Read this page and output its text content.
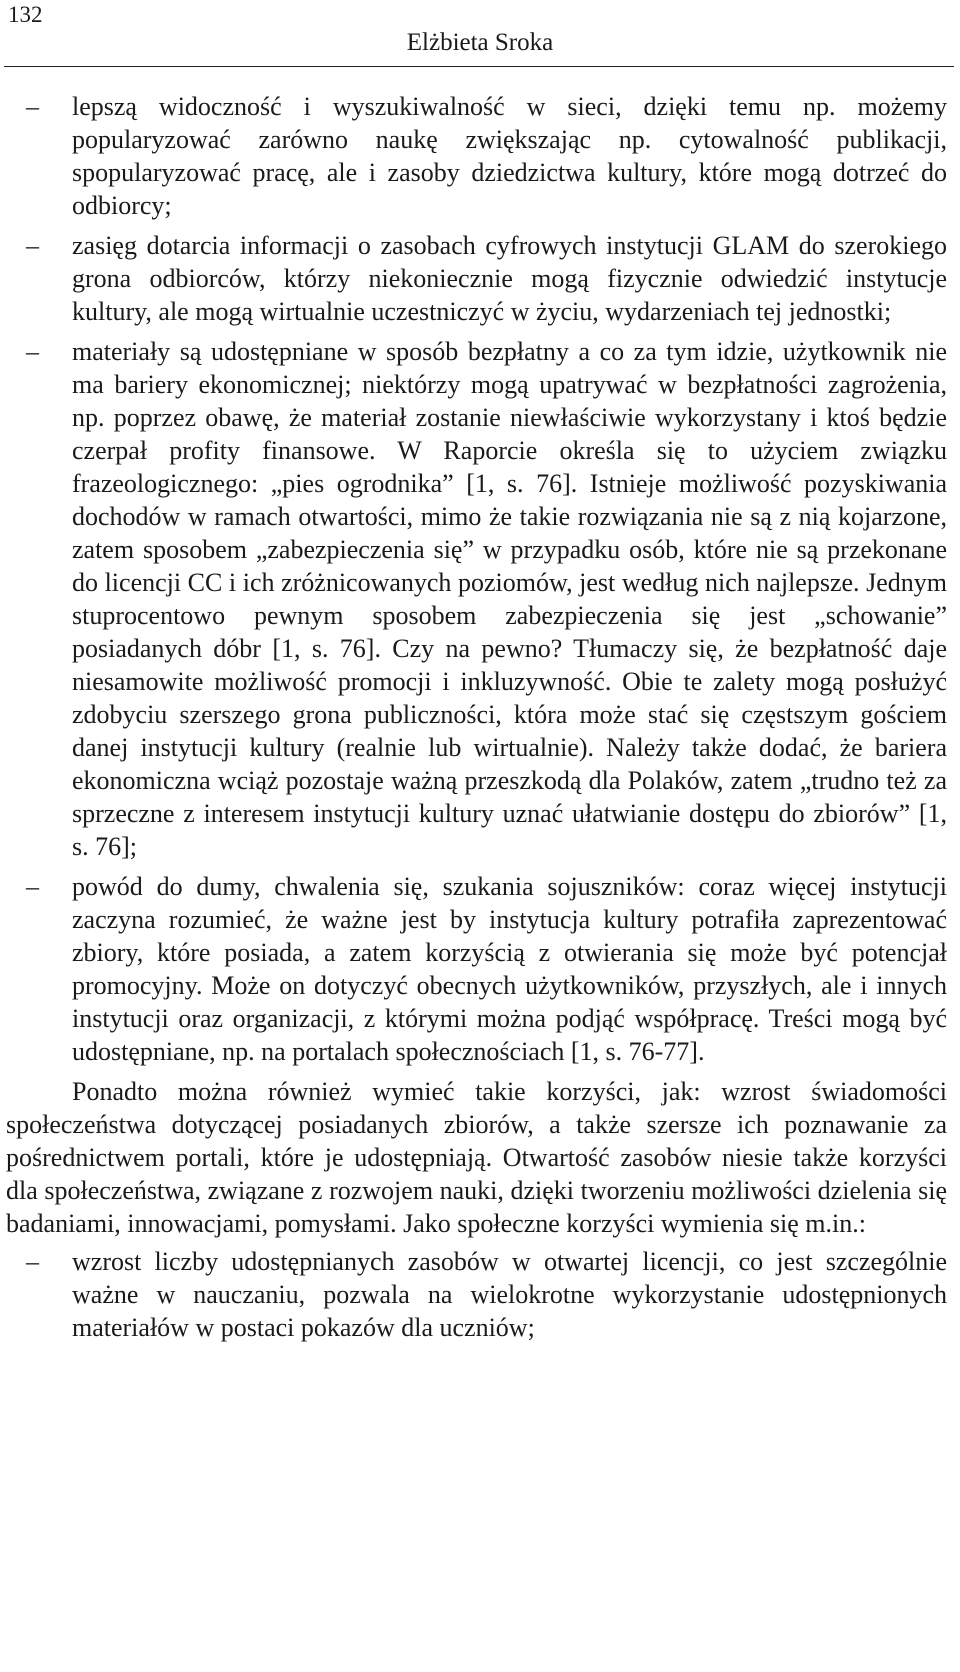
132
Elżbieta Sroka
– lepszą widoczność i wyszukiwalność w sieci, dzięki temu np. możemy popularyzować zarówno naukę zwiększając np. cytowalność publikacji, spopularyzować pracę, ale i zasoby dziedzictwa kultury, które mogą dotrzeć do odbiorcy;
– zasięg dotarcia informacji o zasobach cyfrowych instytucji GLAM do szerokiego grona odbiorców, którzy niekoniecznie mogą fizycznie odwiedzić instytucje kultury, ale mogą wirtualnie uczestniczyć w życiu, wydarzeniach tej jednostki;
– materiały są udostępniane w sposób bezpłatny a co za tym idzie, użytkownik nie ma bariery ekonomicznej; niektórzy mogą upatrywać w bezpłatności zagrożenia, np. poprzez obawę, że materiał zostanie niewłaściwie wykorzystany i ktoś będzie czerpał profity finansowe. W Raporcie określa się to użyciem związku frazeologicznego: „pies ogrodnika” [1, s. 76]. Istnieje możliwość pozyskiwania dochodów w ramach otwartości, mimo że takie rozwiązania nie są z nią kojarzone, zatem sposobem „zabezpieczenia się” w przypadku osób, które nie są przekonane do licencji CC i ich zróżnicowanych poziomów, jest według nich najlepsze. Jednym stuprocentowo pewnym sposobem zabezpieczenia się jest „schowanie” posiadanych dóbr [1, s. 76]. Czy na pewno? Tłumaczy się, że bezpłatność daje niesamowite możliwość promocji i inkluzywność. Obie te zalety mogą posłużyć zdobyciu szerszego grona publiczności, która może stać się częstszym gościem danej instytucji kultury (realnie lub wirtualnie). Należy także dodać, że bariera ekonomiczna wciąż pozostaje ważną przeszkodą dla Polaków, zatem „trudno też za sprzeczne z interesem instytucji kultury uznać ułatwianie dostępu do zbiorów” [1, s. 76];
– powód do dumy, chwalenia się, szukania sojuszników: coraz więcej instytucji zaczyna rozumieć, że ważne jest by instytucja kultury potrafiła zaprezentować zbiory, które posiada, a zatem korzyścią z otwierania się może być potencjał promocyjny. Może on dotyczyć obecnych użytkowników, przyszłych, ale i innych instytucji oraz organizacji, z którymi można podjąć współpracę. Treści mogą być udostępniane, np. na portalach społecznościach [1, s. 76-77].
Ponadto można również wymieć takie korzyści, jak: wzrost świadomości społeczeństwa dotyczącej posiadanych zbiorów, a także szersze ich poznawanie za pośrednictwem portali, które je udostępniają. Otwartość zasobów niesie także korzyści dla społeczeństwa, związane z rozwojem nauki, dzięki tworzeniu możliwości dzielenia się badaniami, innowacjami, pomysłami. Jako społeczne korzyści wymienia się m.in.:
– wzrost liczby udostępnianych zasobów w otwartej licencji, co jest szczególnie ważne w nauczaniu, pozwala na wielokrotne wykorzystanie udostępnionych materiałów w postaci pokazów dla uczniów;
